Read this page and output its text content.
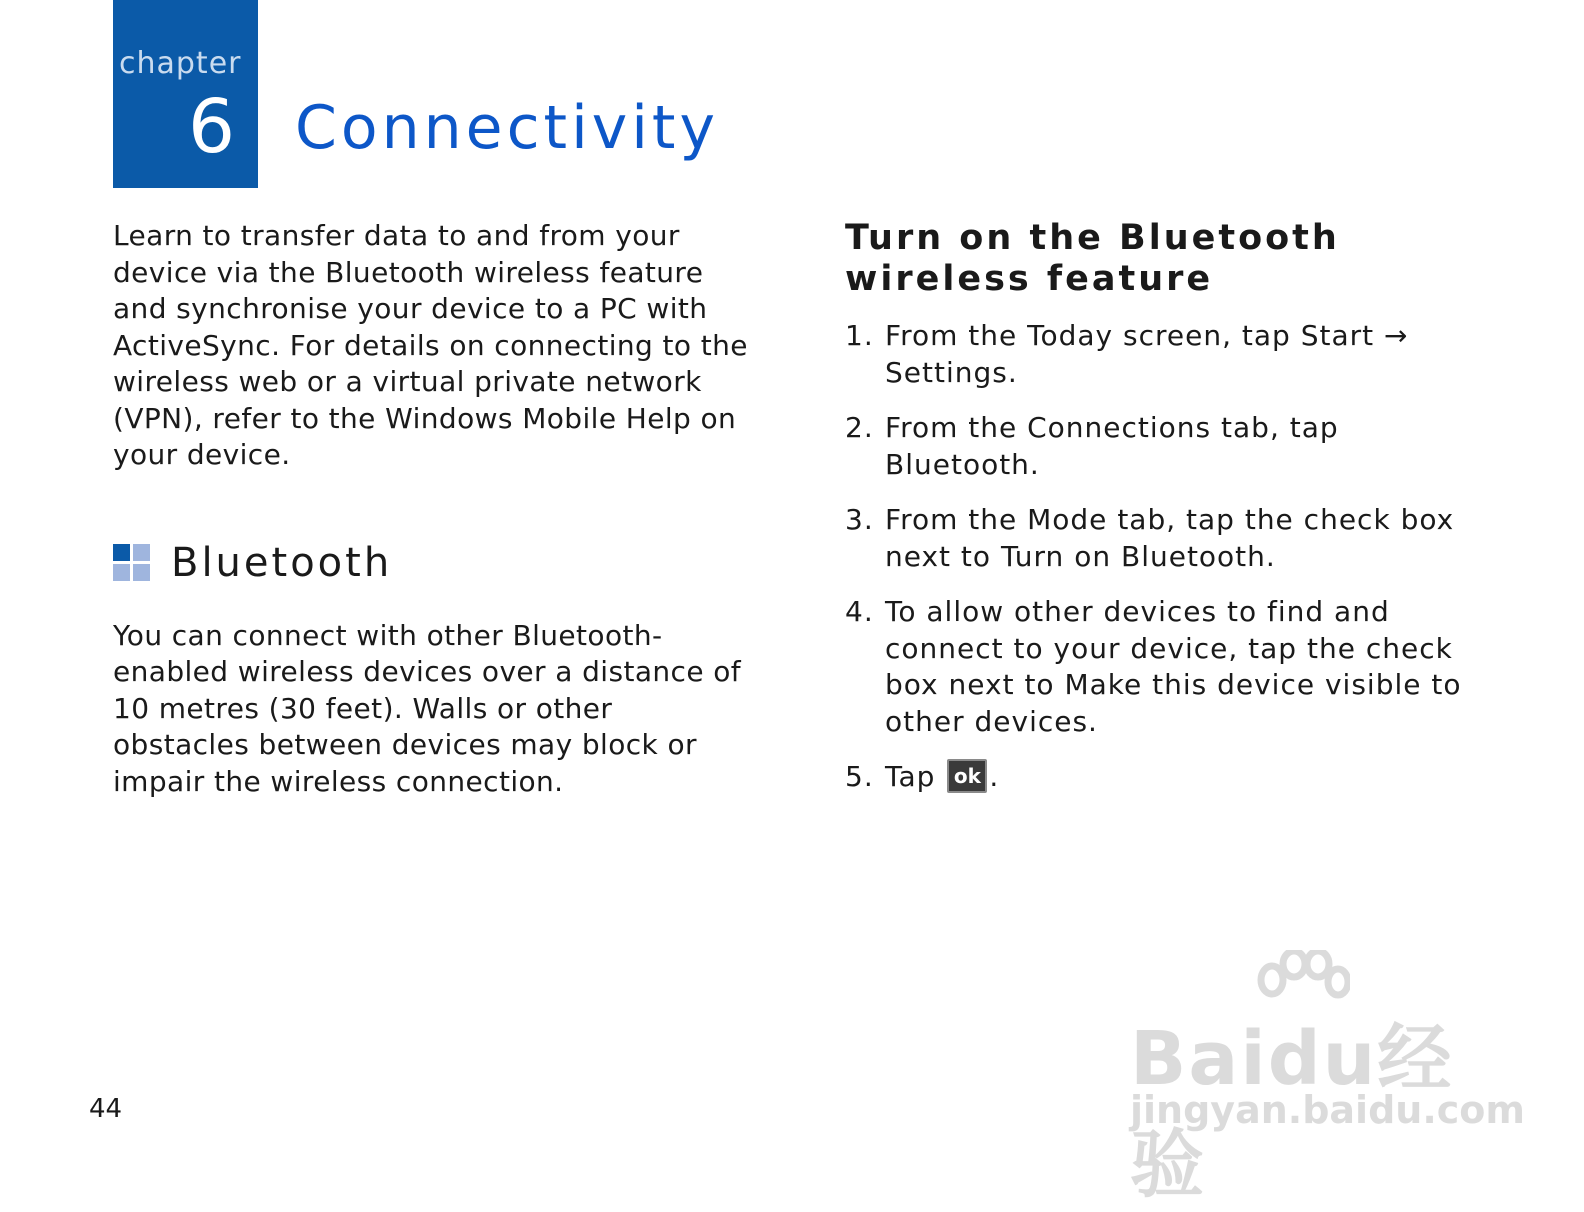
chapter
6 Connectivity

Learn to transfer data to and from your device via the Bluetooth wireless feature and synchronise your device to a PC with ActiveSync. For details on connecting to the wireless web or a virtual private network (VPN), refer to the Windows Mobile Help on your device.

Bluetooth

You can connect with other Bluetooth-enabled wireless devices over a distance of 10 metres (30 feet). Walls or other obstacles between devices may block or impair the wireless connection.

Turn on the Bluetooth wireless feature
1. From the Today screen, tap Start → Settings.
2. From the Connections tab, tap Bluetooth.
3. From the Mode tab, tap the check box next to Turn on Bluetooth.
4. To allow other devices to find and connect to your device, tap the check box next to Make this device visible to other devices.
5. Tap ok .
44
Baidu经验
jingyan.baidu.com
